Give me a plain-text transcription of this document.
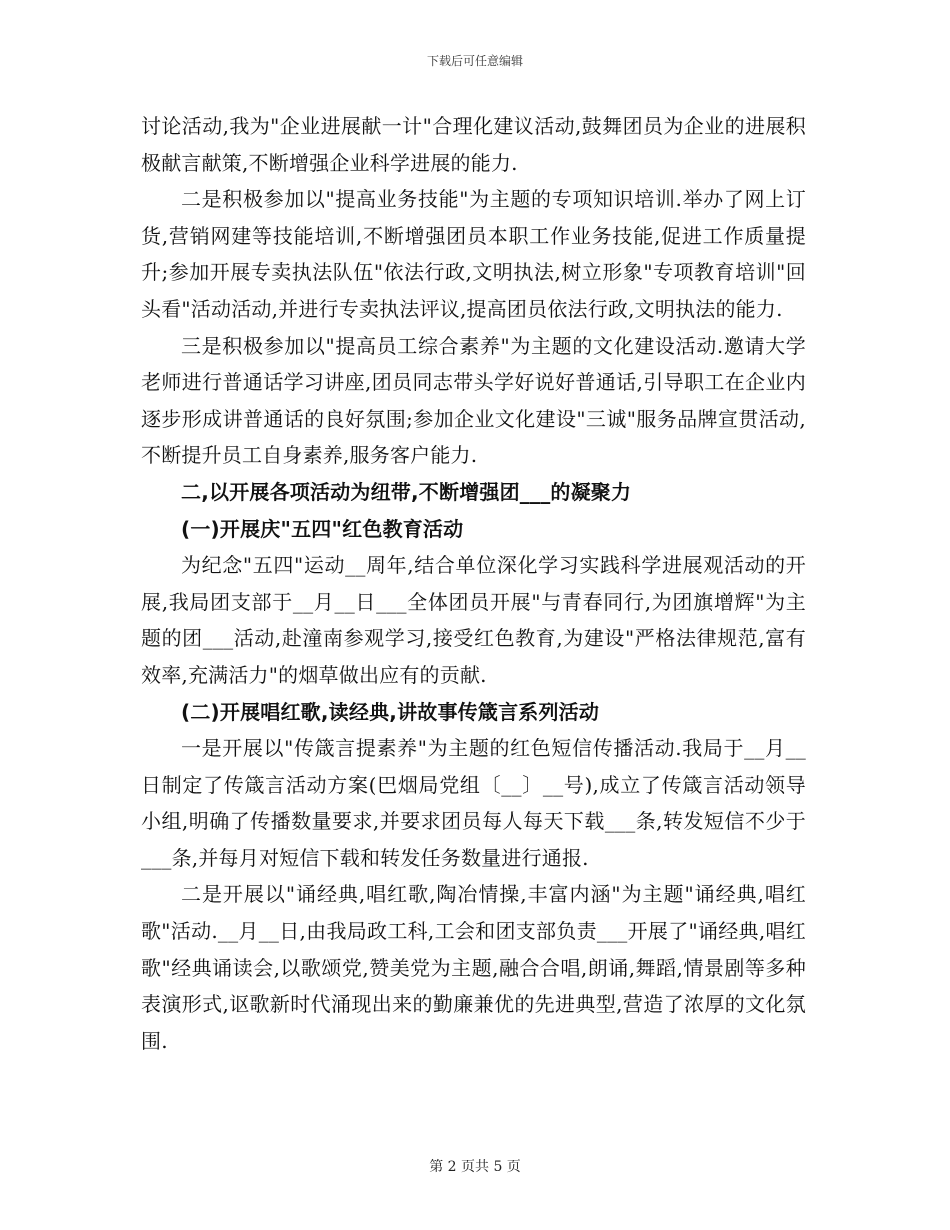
下载后可任意编辑

讨论活动,我为"企业进展献一计"合理化建议活动,鼓舞团员为企业的进展积极献言献策,不断增强企业科学进展的能力.

二是积极参加以"提高业务技能"为主题的专项知识培训.举办了网上订货,营销网建等技能培训,不断增强团员本职工作业务技能,促进工作质量提升;参加开展专卖执法队伍"依法行政,文明执法,树立形象"专项教育培训"回头看"活动活动,并进行专卖执法评议,提高团员依法行政,文明执法的能力.

三是积极参加以"提高员工综合素养"为主题的文化建设活动.邀请大学老师进行普通话学习讲座,团员同志带头学好说好普通话,引导职工在企业内逐步形成讲普通话的良好氛围;参加企业文化建设"三诚"服务品牌宣贯活动,不断提升员工自身素养,服务客户能力.

二,以开展各项活动为纽带,不断增强团___的凝聚力

(一)开展庆"五四"红色教育活动

为纪念"五四"运动__周年,结合单位深化学习实践科学进展观活动的开展,我局团支部于__月__日___全体团员开展"与青春同行,为团旗增辉"为主题的团___活动,赴潼南参观学习,接受红色教育,为建设"严格法律规范,富有效率,充满活力"的烟草做出应有的贡献.

(二)开展唱红歌,读经典,讲故事传箴言系列活动

一是开展以"传箴言提素养"为主题的红色短信传播活动.我局于__月__日制定了传箴言活动方案(巴烟局党组〔__〕__号),成立了传箴言活动领导小组,明确了传播数量要求,并要求团员每人每天下载___条,转发短信不少于___条,并每月对短信下载和转发任务数量进行通报.

二是开展以"诵经典,唱红歌,陶冶情操,丰富内涵"为主题"诵经典,唱红歌"活动.__月__日,由我局政工科,工会和团支部负责___开展了"诵经典,唱红歌"经典诵读会,以歌颂党,赞美党为主题,融合合唱,朗诵,舞蹈,情景剧等多种表演形式,讴歌新时代涌现出来的勤廉兼优的先进典型,营造了浓厚的文化氛围.

第 2 页共 5 页
